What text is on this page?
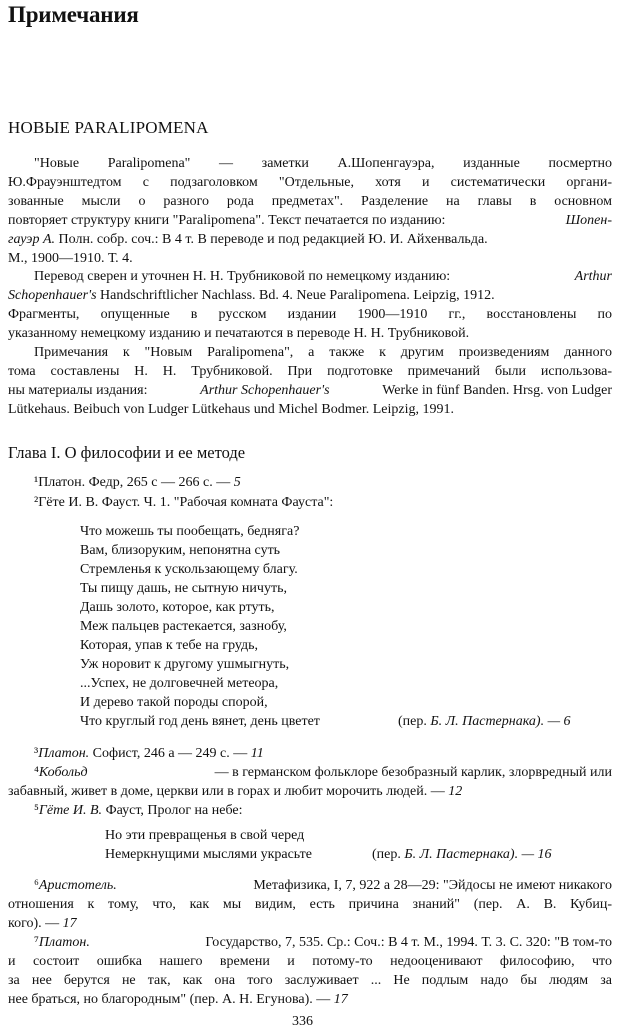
Примечания
НОВЫЕ PARALIPOMENA
"Новые Paralipomena" — заметки А.Шопенгауэра, изданные посмертно
Ю.Фрауэнштедтом с подзаголовком "Отдельные, хотя и систематически органи-
зованные мысли о разного рода предметах". Разделение на главы в основном
повторяет структуру книги "Paralipomena". Текст печатается по изданию:	Шопен-
гауэр А. Полн. собр. соч.: В 4 т. В переводе и под редакцией Ю. И. Айхенвальда.
М., 1900—1910. Т. 4.
Перевод сверен и уточнен Н. Н. Трубниковой по немецкому изданию:	Arthur
Schopenhauer's Handschriftlicher Nachlass. Bd. 4. Neue Paralipomena. Leipzig, 1912.
Фрагменты, опущенные в русском издании 1900—1910 гг., восстановлены по
указанному немецкому изданию и печатаются в переводе Н. Н. Трубниковой.
Примечания к "Новым Paralipomena", а также к другим произведениям данного
тома составлены Н. Н. Трубниковой. При подготовке примечаний были использова-
ны материалы издания:	Arthur Schopenhauer's	Werke in fünf Banden. Hrsg. von Ludger
Lütkehaus. Beibuch von Ludger Lütkehaus und Michel Bodmer. Leipzig, 1991.
Глава I. О философии и ее методе
¹Платон. Федр, 265 с — 266 с. — 5
²Гёте И. В. Фауст. Ч. 1. "Рабочая комната Фауста":
Что можешь ты пообещать, бедняга?
Вам, близоруким, непонятна суть
Стремленья к ускользающему благу.
Ты пищу дашь, не сытную ничуть,
Дашь золото, которое, как ртуть,
Меж пальцев растекается, зазнобу,
Которая, упав к тебе на грудь,
Уж норовит к другому ушмыгнуть,
...Успех, не долговечней метеора,
И дерево такой породы спорой,
Что круглый год день вянет, день цветет	(пер. Б. Л. Пастернака). — 6
³Платон. Софист, 246 а — 249 с. — 11
⁴Кобольд	— в германском фольклоре безобразный карлик, злорвредный или
забавный, живет в доме, церкви или в горах и любит морочить людей. — 12
⁵Гёте И. В. Фауст, Пролог на небе:
Но эти превращенья в свой черед
Немеркнущими мыслями украсьте	(пер. Б. Л. Пастернака). — 16
⁶Аристотель.	Метафизика, I, 7, 922 а 28—29: "Эйдосы не имеют никакого
отношения к тому, что, как мы видим, есть причина знаний" (пер. А. В. Кубиц-
кого). — 17
⁷Платон.	Государство, 7, 535. Ср.: Соч.: В 4 т. М., 1994. Т. 3. С. 320: "В том-то
и состоит ошибка нашего времени и потому-то недооценивают философию, что
за нее берутся не так, как она того заслуживает ... Не подлым надо бы людям за
нее браться, но благородным" (пер. А. Н. Егунова). — 17
336
